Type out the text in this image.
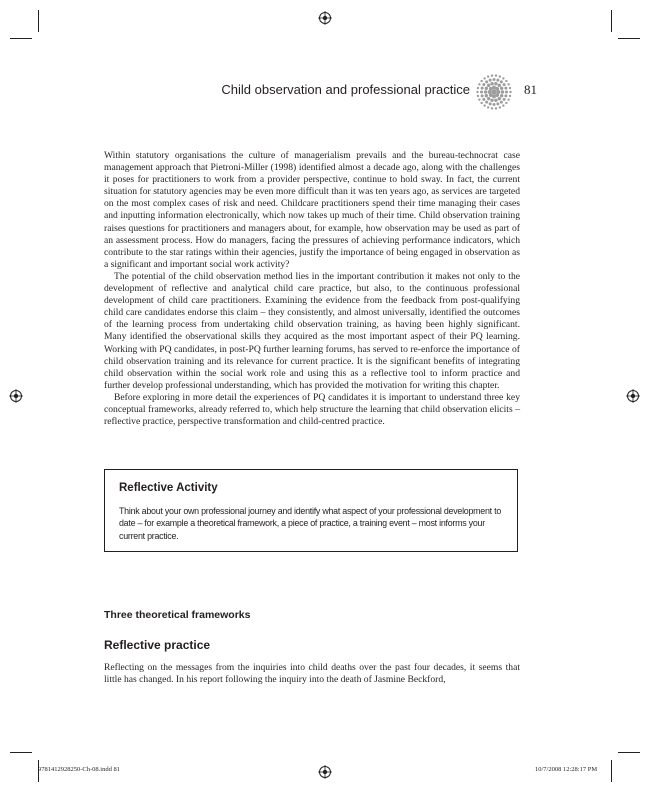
Child observation and professional practice	81

Within statutory organisations the culture of managerialism prevails and the bureau-technocrat case management approach that Pietroni-Miller (1998) identified almost a decade ago, along with the challenges it poses for practitioners to work from a provider perspective, continue to hold sway. In fact, the current situation for statutory agencies may be even more difficult than it was ten years ago, as services are targeted on the most complex cases of risk and need. Childcare practitioners spend their time managing their cases and inputting information electronically, which now takes up much of their time. Child observation training raises questions for practitioners and managers about, for example, how observation may be used as part of an assessment process. How do managers, facing the pressures of achieving performance indicators, which contribute to the star ratings within their agencies, justify the importance of being engaged in observation as a significant and important social work activity?

The potential of the child observation method lies in the important contribution it makes not only to the development of reflective and analytical child care practice, but also, to the continuous professional development of child care practitioners. Examining the evidence from the feedback from post-qualifying child care candidates endorse this claim – they consistently, and almost universally, identified the outcomes of the learning process from undertaking child observation training, as having been highly significant. Many identified the observational skills they acquired as the most important aspect of their PQ learning. Working with PQ candidates, in post-PQ further learning forums, has served to re-enforce the importance of child observation training and its relevance for current practice. It is the significant benefits of integrating child observation within the social work role and using this as a reflective tool to inform practice and further develop professional understanding, which has provided the motivation for writing this chapter.

Before exploring in more detail the experiences of PQ candidates it is important to understand three key conceptual frameworks, already referred to, which help structure the learning that child observation elicits – reflective practice, perspective transformation and child-centred practice.

Reflective Activity

Think about your own professional journey and identify what aspect of your professional development to date – for example a theoretical framework, a piece of practice, a training event – most informs your current practice.

Three theoretical frameworks
Reflective practice

Reflecting on the messages from the inquiries into child deaths over the past four decades, it seems that little has changed. In his report following the inquiry into the death of Jasmine Beckford,

9781412928250-Ch-08.indd 81	10/7/2008 12:28:17 PM
